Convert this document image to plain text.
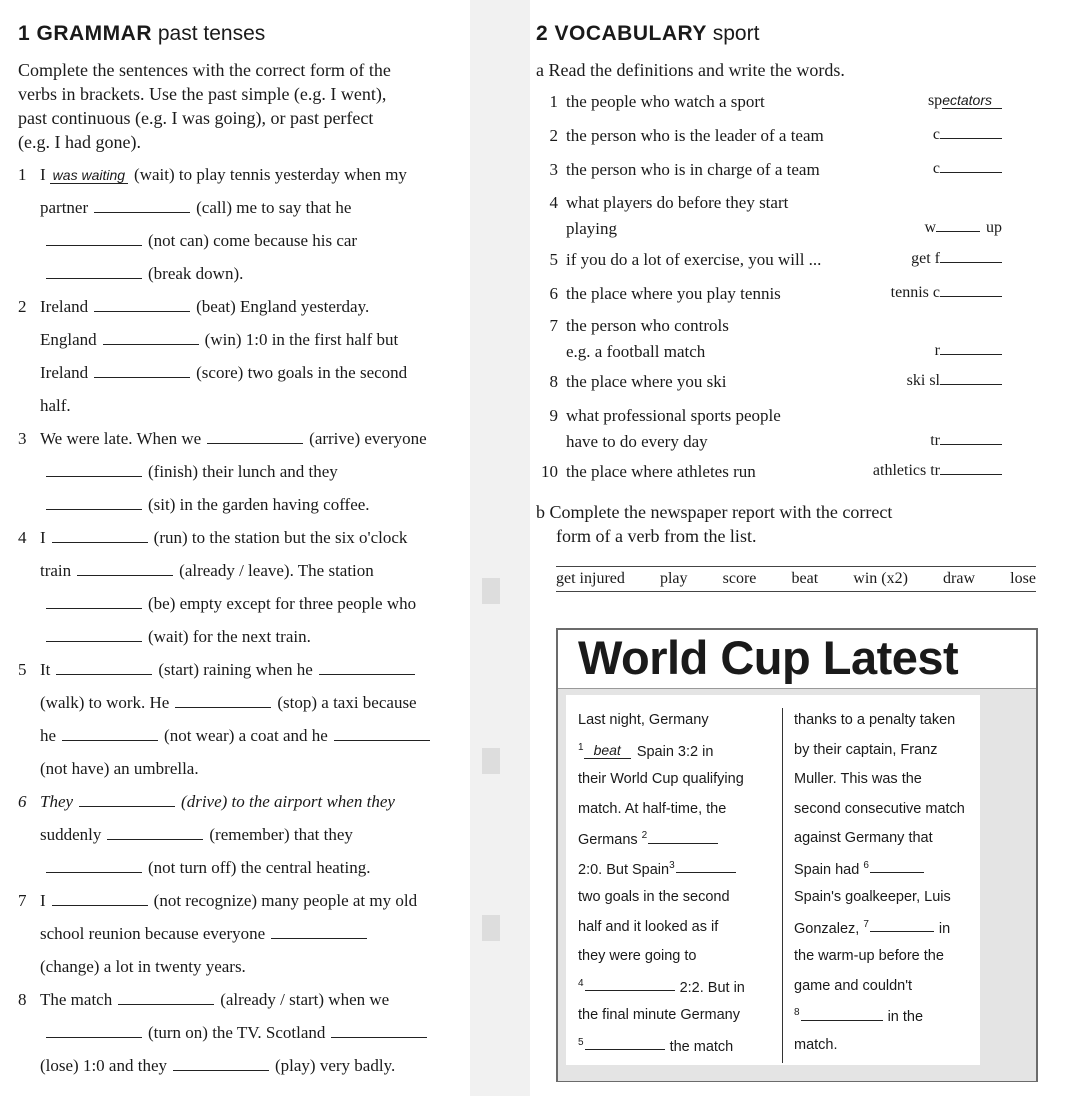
1 GRAMMAR past tenses
Complete the sentences with the correct form of the
verbs in brackets. Use the past simple (e.g. I went),
past continuous (e.g. I was going), or past perfect
(e.g. I had gone).
1 I was waiting (wait) to play tennis yesterday when my
partner	(call) me to say that he
(not can) come because his car
(break down).
2 Ireland	(beat) England yesterday.
England	(win) 1:0 in the first half but
Ireland	(score) two goals in the second
half.
3 We were late. When we	(arrive) everyone
(finish) their lunch and they
(sit) in the garden having coffee.
4 I	(run) to the station but the six o'clock
train	(already / leave). The station
(be) empty except for three people who
(wait) for the next train.
5 It	(start) raining when he
(walk) to work. He	(stop) a taxi because
he	(not wear) a coat and he
(not have) an umbrella.
6 They	(drive) to the airport when they
suddenly	(remember) that they
(not turn off) the central heating.
7 I	(not recognize) many people at my old
school reunion because everyone
(change) a lot in twenty years.
8 The match	(already / start) when we
(turn on) the TV. Scotland
(lose) 1:0 and they	(play) very badly.
2 VOCABULARY sport
a Read the definitions and write the words.
1 the people who watch a sport	spectators
2 the person who is the leader of a team	c
3 the person who is in charge of a team	c
4 what players do before they start
playing	w	up
5 if you do a lot of exercise, you will ...	get f
6 the place where you play tennis	tennis c
7 the person who controls
e.g. a football match	r
8 the place where you ski	ski sl
9 what professional sports people
have to do every day	tr
10 the place where athletes run	athletics tr
b Complete the newspaper report with the correct
form of a verb from the list.
get injured play score beat win (x2) draw lose
World Cup Latest
Last night, Germany
$^1$ beat Spain 3:2 in
their World Cup qualifying
match. At half-time, the
Germans $^2$
2:0. But Spain$^3$
two goals in the second
half and it looked as if
they were going to
$^4$	2:2. But in
the final minute Germany
$^5$	the match
thanks to a penalty taken
by their captain, Franz
Muller. This was the
second consecutive match
against Germany that
Spain had $^6$
Spain's goalkeeper, Luis
Gonzalez, $^7$	in
the warm-up before the
game and couldn't
$^8$	in the
match.
